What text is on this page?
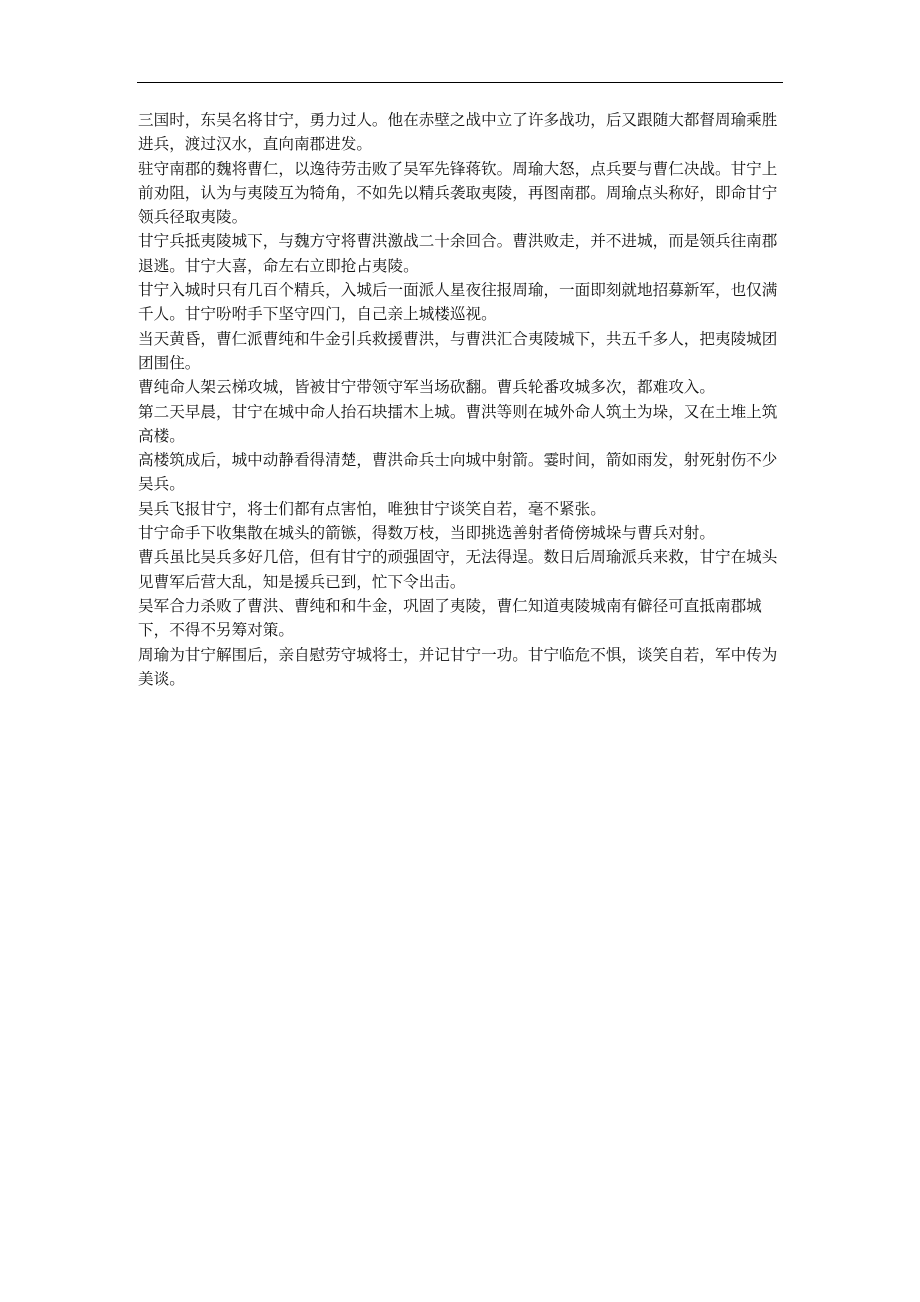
三国时，东吴名将甘宁，勇力过人。他在赤壁之战中立了许多战功，后又跟随大都督周瑜乘胜进兵，渡过汉水，直向南郡进发。

驻守南郡的魏将曹仁，以逸待劳击败了吴军先锋蒋钦。周瑜大怒，点兵要与曹仁决战。甘宁上前劝阻，认为与夷陵互为犄角，不如先以精兵袭取夷陵，再图南郡。周瑜点头称好，即命甘宁领兵径取夷陵。

甘宁兵抵夷陵城下，与魏方守将曹洪激战二十余回合。曹洪败走，并不进城，而是领兵往南郡退逃。甘宁大喜，命左右立即抢占夷陵。

甘宁入城时只有几百个精兵，入城后一面派人星夜往报周瑜，一面即刻就地招募新军，也仅满千人。甘宁吩咐手下坚守四门，自己亲上城楼巡视。

当天黄昏，曹仁派曹纯和牛金引兵救援曹洪，与曹洪汇合夷陵城下，共五千多人，把夷陵城团团围住。

曹纯命人架云梯攻城，皆被甘宁带领守军当场砍翻。曹兵轮番攻城多次，都难攻入。

第二天早晨，甘宁在城中命人抬石块擂木上城。曹洪等则在城外命人筑土为垛，又在土堆上筑高楼。

高楼筑成后，城中动静看得清楚，曹洪命兵士向城中射箭。霎时间，箭如雨发，射死射伤不少吴兵。

吴兵飞报甘宁，将士们都有点害怕，唯独甘宁谈笑自若，毫不紧张。

甘宁命手下收集散在城头的箭镞，得数万枝，当即挑选善射者倚傍城垛与曹兵对射。

曹兵虽比吴兵多好几倍，但有甘宁的顽强固守，无法得逞。数日后周瑜派兵来救，甘宁在城头见曹军后营大乱，知是援兵已到，忙下令出击。

吴军合力杀败了曹洪、曹纯和和牛金，巩固了夷陵，曹仁知道夷陵城南有僻径可直抵南郡城下，不得不另筹对策。

周瑜为甘宁解围后，亲自慰劳守城将士，并记甘宁一功。甘宁临危不惧，谈笑自若，军中传为美谈。
